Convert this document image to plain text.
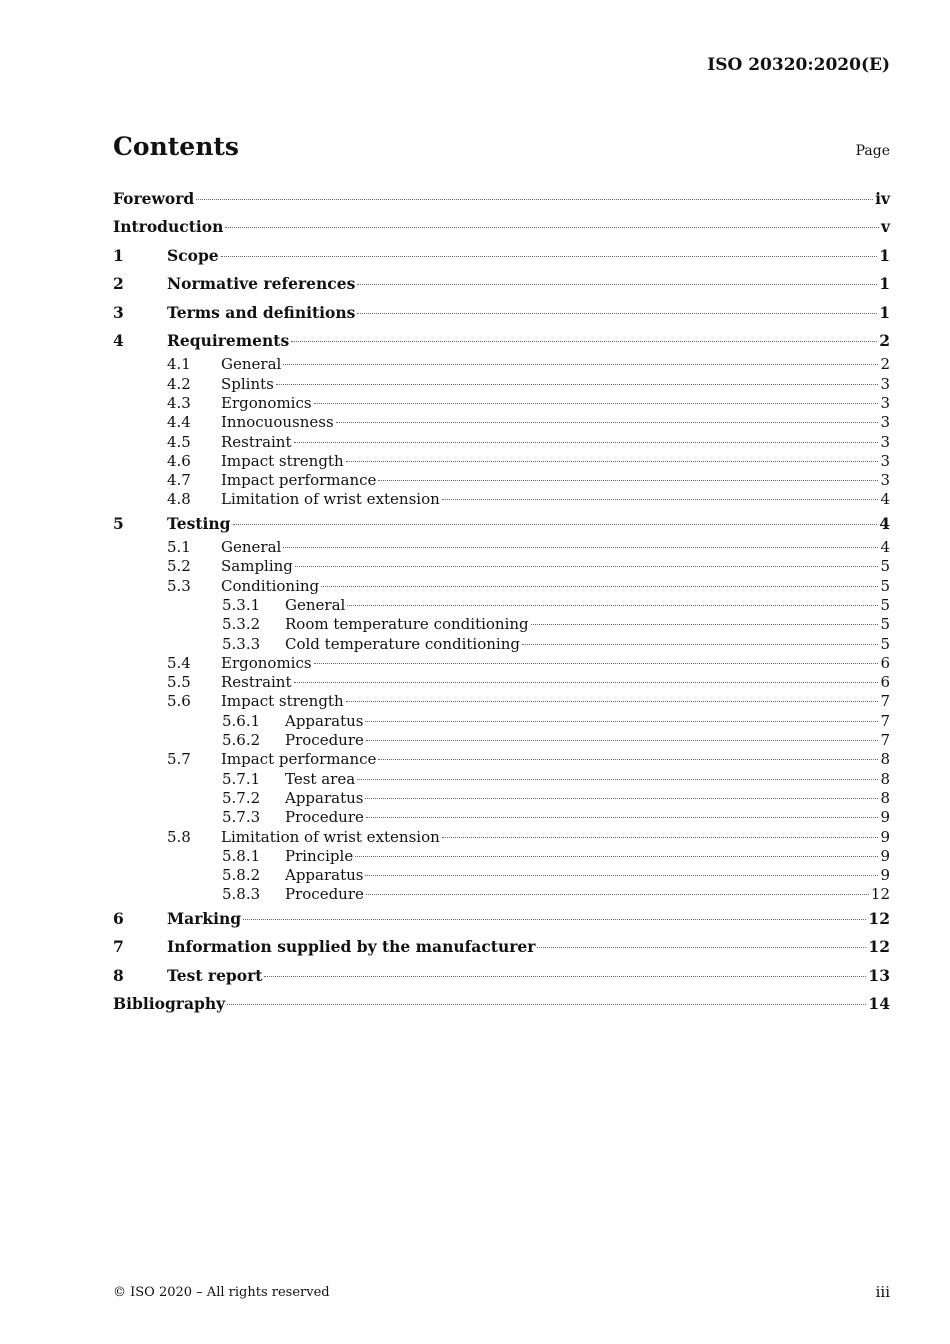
ISO 20320:2020(E)
Contents	Page
Foreword	iv
Introduction	v
1	Scope	1
2	Normative references	1
3	Terms and definitions	1
4	Requirements	2
4.1	General	2
4.2	Splints	3
4.3	Ergonomics	3
4.4	Innocuousness	3
4.5	Restraint	3
4.6	Impact strength	3
4.7	Impact performance	3
4.8	Limitation of wrist extension	4
5	Testing	4
5.1	General	4
5.2	Sampling	5
5.3	Conditioning	5
5.3.1	General	5
5.3.2	Room temperature conditioning	5
5.3.3	Cold temperature conditioning	5
5.4	Ergonomics	6
5.5	Restraint	6
5.6	Impact strength	7
5.6.1	Apparatus	7
5.6.2	Procedure	7
5.7	Impact performance	8
5.7.1	Test area	8
5.7.2	Apparatus	8
5.7.3	Procedure	9
5.8	Limitation of wrist extension	9
5.8.1	Principle	9
5.8.2	Apparatus	9
5.8.3	Procedure	12
6	Marking	12
7	Information supplied by the manufacturer	12
8	Test report	13
Bibliography	14
© ISO 2020 – All rights reserved	iii
